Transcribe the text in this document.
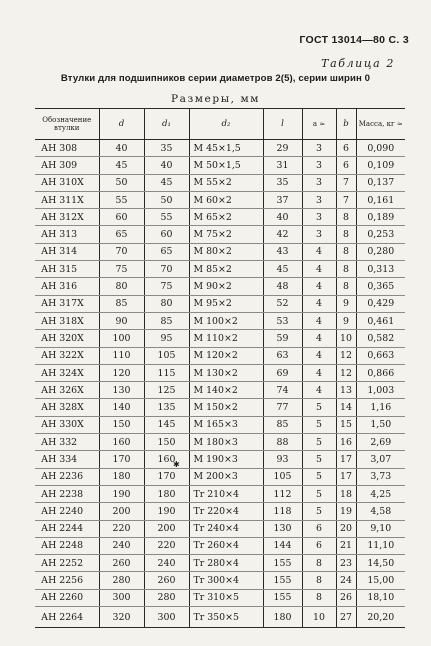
ГОСТ 13014—80 С. 3
Таблица 2
Втулки для подшипников серии диаметров 2(5), серии ширин 0
Размеры, мм
Обозначение втулки	d	d₁	d₂	l	a ≈	b	Масса, кг ≈
АН 308	40	35	M 45×1,5	29	3	6	0,090
АН 309	45	40	M 50×1,5	31	3	6	0,109
АН 310Х	50	45	M 55×2	35	3	7	0,137
АН 311Х	55	50	M 60×2	37	3	7	0,161
АН 312Х	60	55	M 65×2	40	3	8	0,189
АН 313	65	60	M 75×2	42	3	8	0,253
АН 314	70	65	M 80×2	43	4	8	0,280
АН 315	75	70	M 85×2	45	4	8	0,313
АН 316	80	75	M 90×2	48	4	8	0,365
АН 317Х	85	80	M 95×2	52	4	9	0,429
АН 318Х	90	85	M 100×2	53	4	9	0,461
АН 320Х	100	95	M 110×2	59	4	10	0,582
АН 322Х	110	105	M 120×2	63	4	12	0,663
АН 324Х	120	115	M 130×2	69	4	12	0,866
АН 326Х	130	125	M 140×2	74	4	13	1,003
АН 328Х	140	135	M 150×2	77	5	14	1,16
АН 330Х	150	145	M 165×3	85	5	15	1,50
АН 332	160	150	M 180×3	88	5	16	2,69
АН 334	170	160	M 190×3	93	5	17	3,07
АН 2236	180	170	M 200×3	105	5	17	3,73
АН 2238	190	180	Tr 210×4	112	5	18	4,25
АН 2240	200	190	Tr 220×4	118	5	19	4,58
АН 2244	220	200	Tr 240×4	130	6	20	9,10
АН 2248	240	220	Tr 260×4	144	6	21	11,10
АН 2252	260	240	Tr 280×4	155	8	23	14,50
АН 2256	280	260	Tr 300×4	155	8	24	15,00
АН 2260	300	280	Tr 310×5	155	8	26	18,10
АН 2264	320	300	Tr 350×5	180	10	27	20,20
✱
